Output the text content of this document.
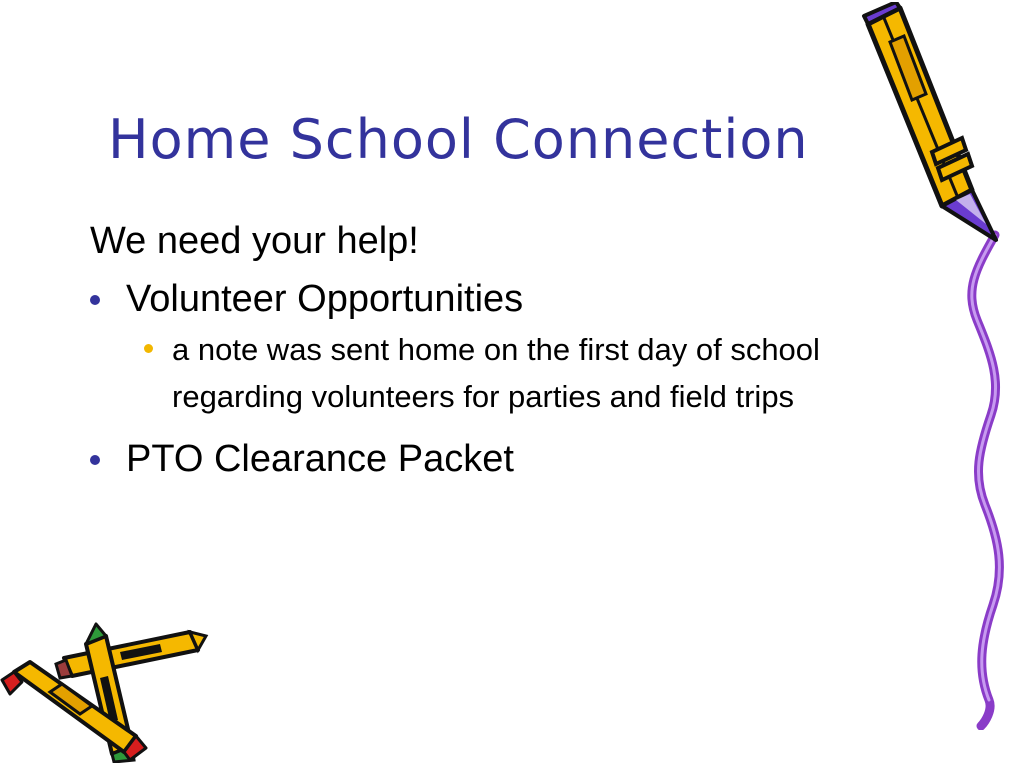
Home School Connection

We need your help!

Volunteer Opportunities
a note was sent home on the first day of school regarding volunteers for parties and field trips
PTO Clearance Packet
